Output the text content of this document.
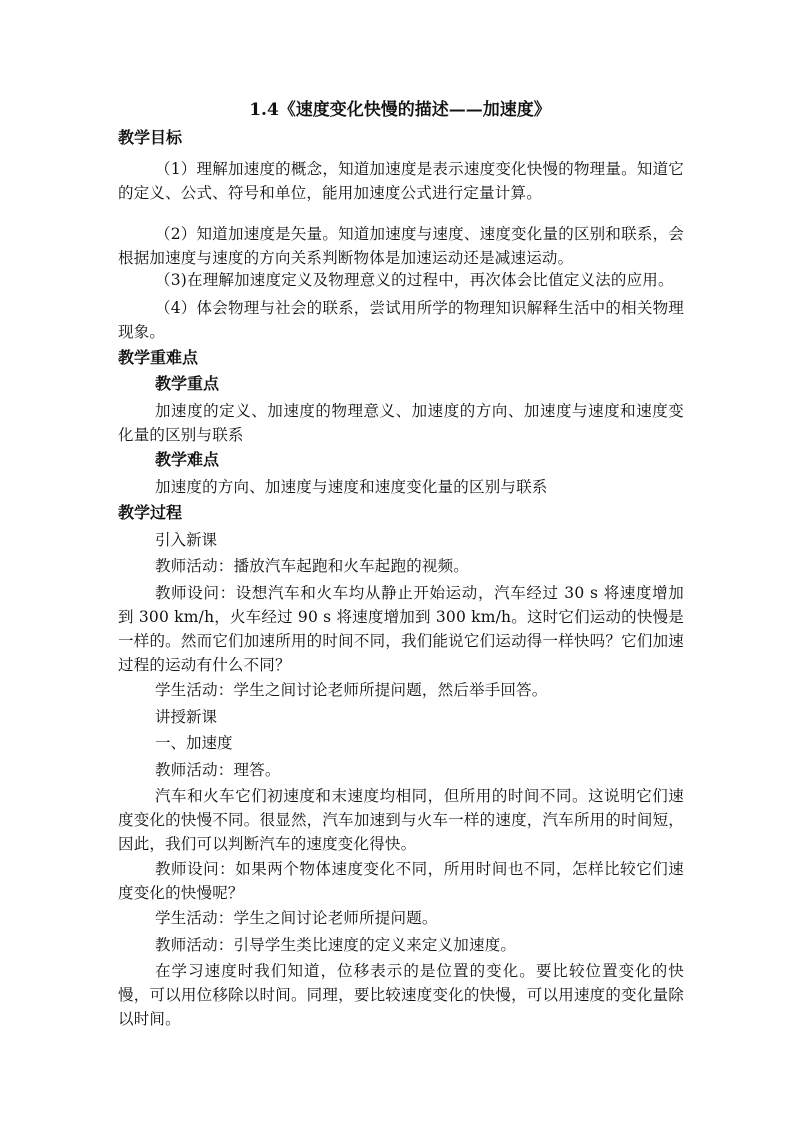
1.4《速度变化快慢的描述——加速度》
教学目标
（1）理解加速度的概念，知道加速度是表示速度变化快慢的物理量。知道它的定义、公式、符号和单位，能用加速度公式进行定量计算。
（2）知道加速度是矢量。知道加速度与速度、速度变化量的区别和联系，会根据加速度与速度的方向关系判断物体是加速运动还是减速运动。
（3)在理解加速度定义及物理意义的过程中，再次体会比值定义法的应用。
（4）体会物理与社会的联系，尝试用所学的物理知识解释生活中的相关物理现象。
教学重难点
教学重点
加速度的定义、加速度的物理意义、加速度的方向、加速度与速度和速度变化量的区别与联系
教学难点
加速度的方向、加速度与速度和速度变化量的区别与联系
教学过程
引入新课
教师活动：播放汽车起跑和火车起跑的视频。
教师设问：设想汽车和火车均从静止开始运动，汽车经过 30 s 将速度增加到 300 km/h，火车经过 90 s 将速度增加到 300 km/h。这时它们运动的快慢是一样的。然而它们加速所用的时间不同，我们能说它们运动得一样快吗？它们加速过程的运动有什么不同？
学生活动：学生之间讨论老师所提问题，然后举手回答。
讲授新课
一、加速度
教师活动：理答。
汽车和火车它们初速度和末速度均相同，但所用的时间不同。这说明它们速度变化的快慢不同。很显然，汽车加速到与火车一样的速度，汽车所用的时间短，因此，我们可以判断汽车的速度变化得快。
教师设问：如果两个物体速度变化不同，所用时间也不同，怎样比较它们速度变化的快慢呢？
学生活动：学生之间讨论老师所提问题。
教师活动：引导学生类比速度的定义来定义加速度。
在学习速度时我们知道，位移表示的是位置的变化。要比较位置变化的快慢，可以用位移除以时间。同理，要比较速度变化的快慢，可以用速度的变化量除以时间。
